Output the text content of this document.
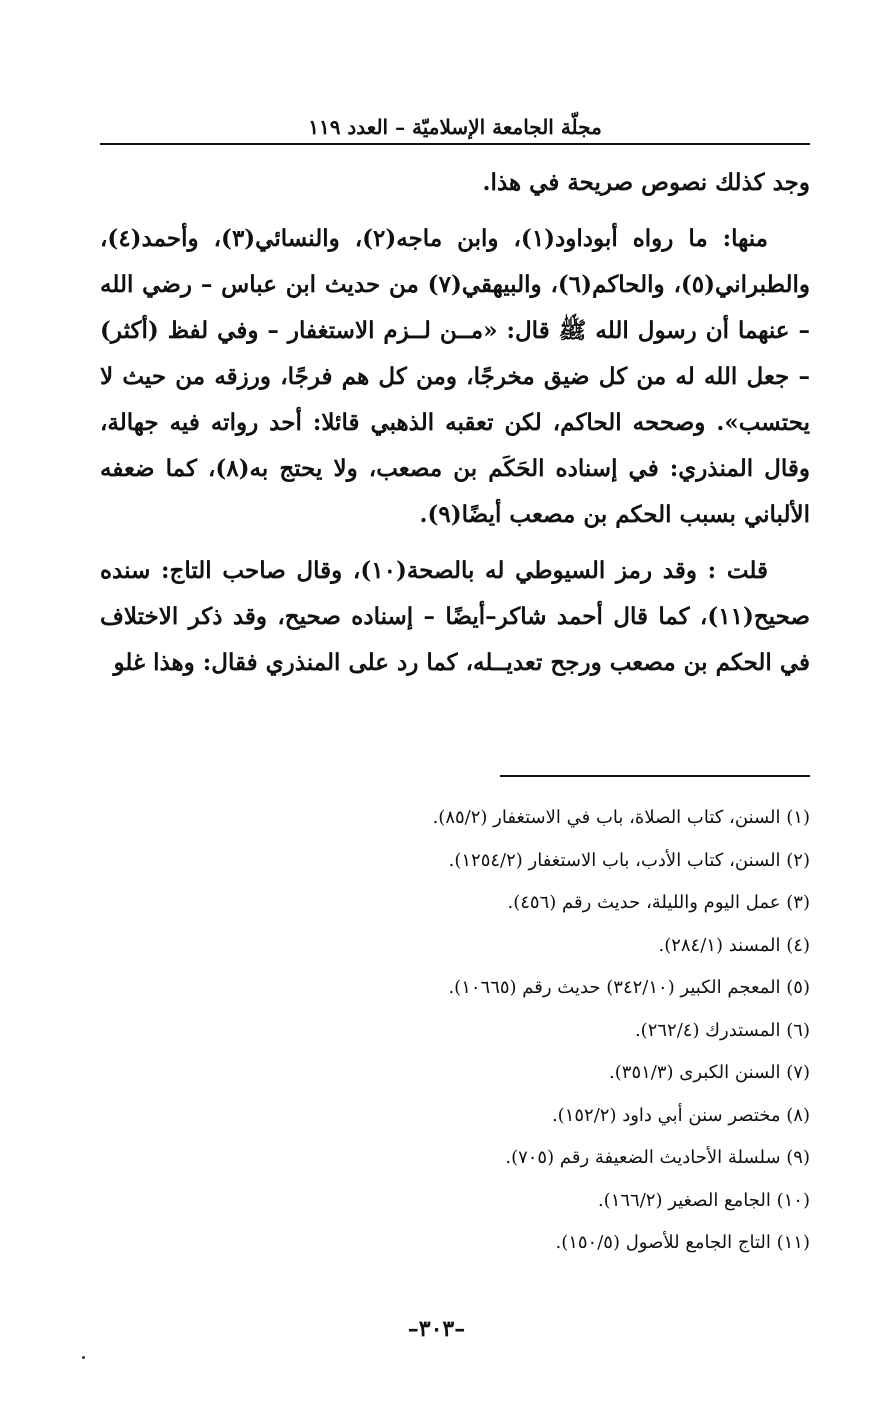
مجلّة الجامعة الإسلاميّة – العدد ١١٩

وجد كذلك نصوص صريحة في هذا.

منها: ما رواه أبوداود(١)، وابن ماجه(٢)، والنسائي(٣)، وأحمد(٤)، والطبراني(٥)، والحاكم(٦)، والبيهقي(٧) من حديث ابن عباس – رضي الله – عنهما أن رسول الله ﷺ قال: «مــن لــزم الاستغفار – وفي لفظ (أكثر) – جعل الله له من كل ضيق مخرجًا، ومن كل هم فرجًا، ورزقه من حيث لا يحتسب». وصححه الحاكم، لكن تعقبه الذهبي قائلا: أحد رواته فيه جهالة، وقال المنذري: في إسناده الحَكَم بن مصعب، ولا يحتج به(٨)، كما ضعفه الألباني بسبب الحكم بن مصعب أيضًا(٩).

قلت : وقد رمز السيوطي له بالصحة(١٠)، وقال صاحب التاج: سنده صحيح(١١)، كما قال أحمد شاكر–أيضًا – إسناده صحيح، وقد ذكر الاختلاف في الحكم بن مصعب ورجح تعديــله، كما رد على المنذري فقال: وهذا غلو

(١) السنن، كتاب الصلاة، باب في الاستغفار (٨٥/٢).
(٢) السنن، كتاب الأدب، باب الاستغفار (١٢٥٤/٢).
(٣) عمل اليوم والليلة، حديث رقم (٤٥٦).
(٤) المسند (٢٨٤/١).
(٥) المعجم الكبير (٣٤٢/١٠) حديث رقم (١٠٦٦٥).
(٦) المستدرك (٢٦٢/٤).
(٧) السنن الكبرى (٣٥١/٣).
(٨) مختصر سنن أبي داود (١٥٢/٢).
(٩) سلسلة الأحاديث الضعيفة رقم (٧٠٥).
(١٠) الجامع الصغير (١٦٦/٢).
(١١) التاج الجامع للأصول (١٥٠/٥).
–٣٠٣–
